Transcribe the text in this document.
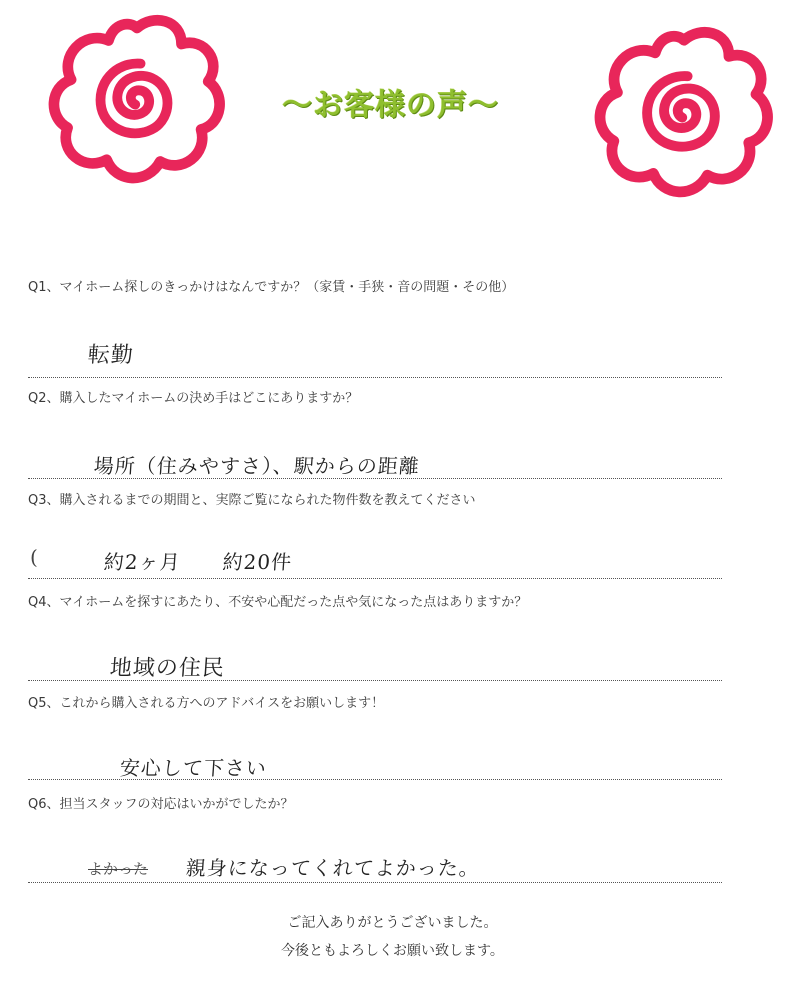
〜お客様の声〜
Q1、マイホーム探しのきっかけはなんですか？（家賃・手狭・音の問題・その他）
転勤
Q2、購入したマイホームの決め手はどこにありますか？
場所（住みやすさ）、駅からの距離
Q3、購入されるまでの期間と、実際ご覧になられた物件数を教えてください
(	約2ヶ月　　約20件
Q4、マイホームを探すにあたり、不安や心配だった点や気になった点はありますか？
地域の住民
Q5、これから購入される方へのアドバイスをお願いします！
安心して下さい
Q6、担当スタッフの対応はいかがでしたか？
よかった 親身になってくれてよかった。
ご記入ありがとうございました。
今後ともよろしくお願い致します。
